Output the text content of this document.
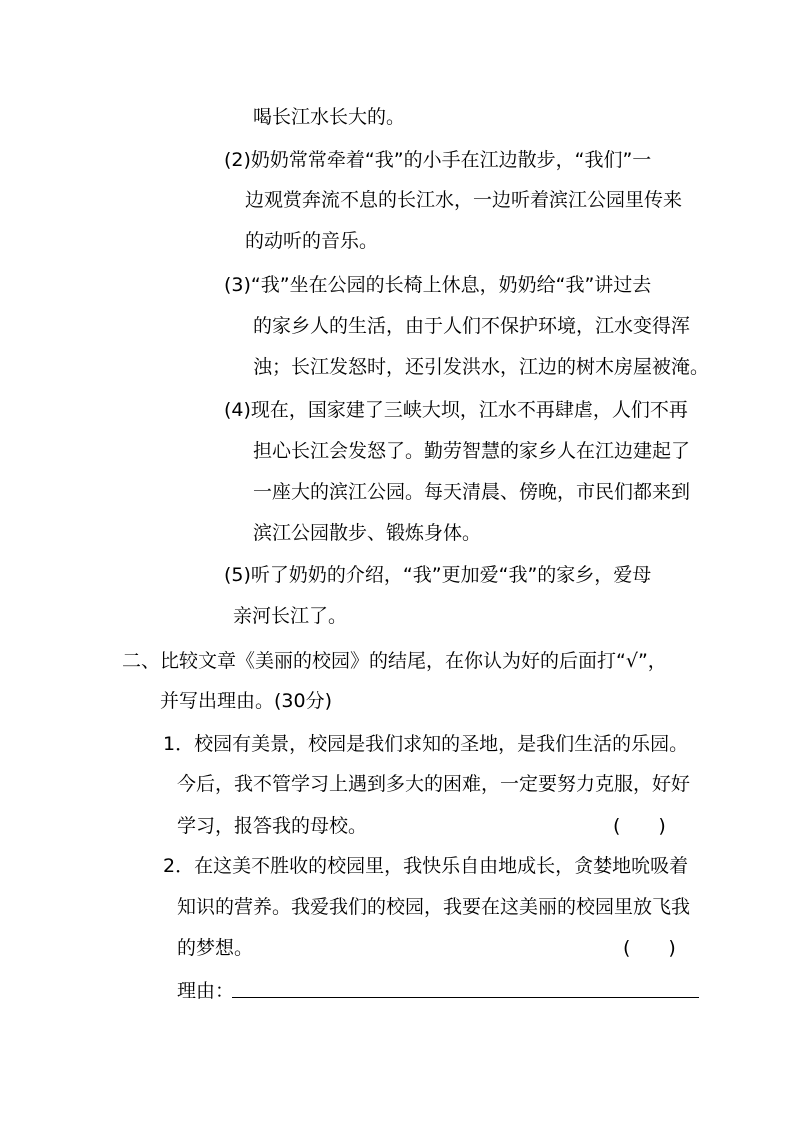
喝长江水长大的。
(2)奶奶常常牵着“我”的小手在江边散步，“我们”一
边观赏奔流不息的长江水，一边听着滨江公园里传来
的动听的音乐。
(3)“我”坐在公园的长椅上休息，奶奶给“我”讲过去
的家乡人的生活，由于人们不保护环境，江水变得浑
浊；长江发怒时，还引发洪水，江边的树木房屋被淹。
(4)现在，国家建了三峡大坝，江水不再肆虐，人们不再
担心长江会发怒了。勤劳智慧的家乡人在江边建起了
一座大的滨江公园。每天清晨、傍晚，市民们都来到
滨江公园散步、锻炼身体。
(5)听了奶奶的介绍，“我”更加爱“我”的家乡，爱母
亲河长江了。
二、比较文章《美丽的校园》的结尾，在你认为好的后面打“√”，
并写出理由。(30分)
1．校园有美景，校园是我们求知的圣地，是我们生活的乐园。
今后，我不管学习上遇到多大的困难，一定要努力克服，好好
学习，报答我的母校。	(　　)
2．在这美不胜收的校园里，我快乐自由地成长，贪婪地吮吸着
知识的营养。我爱我们的校园，我要在这美丽的校园里放飞我
的梦想。	(　　)
理由：
